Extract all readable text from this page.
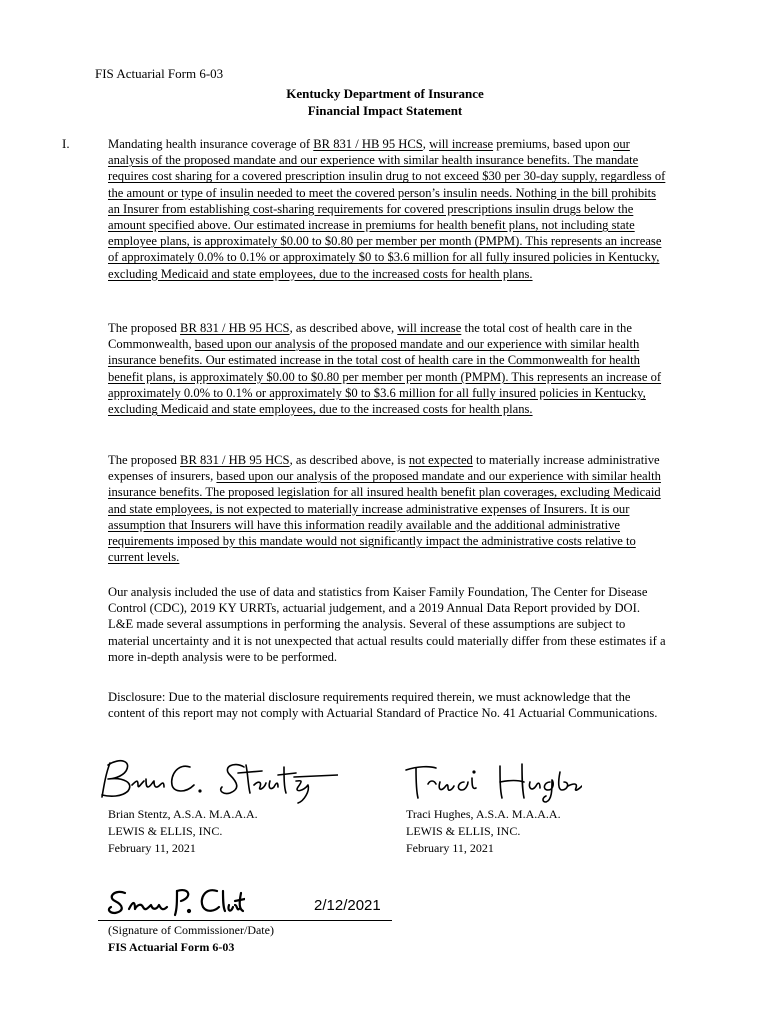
FIS Actuarial Form 6-03
Kentucky Department of Insurance
Financial Impact Statement
I.	Mandating health insurance coverage of BR 831 / HB 95 HCS, will increase premiums, based upon our analysis of the proposed mandate and our experience with similar health insurance benefits. The mandate requires cost sharing for a covered prescription insulin drug to not exceed $30 per 30-day supply, regardless of the amount or type of insulin needed to meet the covered person’s insulin needs. Nothing in the bill prohibits an Insurer from establishing cost-sharing requirements for covered prescriptions insulin drugs below the amount specified above. Our estimated increase in premiums for health benefit plans, not including state employee plans, is approximately $0.00 to $0.80 per member per month (PMPM). This represents an increase of approximately 0.0% to 0.1% or approximately $0 to $3.6 million for all fully insured policies in Kentucky, excluding Medicaid and state employees, due to the increased costs for health plans.

The proposed BR 831 / HB 95 HCS, as described above, will increase the total cost of health care in the Commonwealth, based upon our analysis of the proposed mandate and our experience with similar health insurance benefits. Our estimated increase in the total cost of health care in the Commonwealth for health benefit plans, is approximately $0.00 to $0.80 per member per month (PMPM). This represents an increase of approximately 0.0% to 0.1% or approximately $0 to $3.6 million for all fully insured policies in Kentucky, excluding Medicaid and state employees, due to the increased costs for health plans.

The proposed BR 831 / HB 95 HCS, as described above, is not expected to materially increase administrative expenses of insurers, based upon our analysis of the proposed mandate and our experience with similar health insurance benefits. The proposed legislation for all insured health benefit plan coverages, excluding Medicaid and state employees, is not expected to materially increase administrative expenses of Insurers. It is our assumption that Insurers will have this information readily available and the additional administrative requirements imposed by this mandate would not significantly impact the administrative costs relative to current levels.

Our analysis included the use of data and statistics from Kaiser Family Foundation, The Center for Disease Control (CDC), 2019 KY URRTs, actuarial judgement, and a 2019 Annual Data Report provided by DOI. L&E made several assumptions in performing the analysis. Several of these assumptions are subject to material uncertainty and it is not unexpected that actual results could materially differ from these estimates if a more in-depth analysis were to be performed.

Disclosure: Due to the material disclosure requirements required therein, we must acknowledge that the content of this report may not comply with Actuarial Standard of Practice No. 41 Actuarial Communications.

2/12/2021
Brian Stentz, A.S.A. M.A.A.A.
LEWIS & ELLIS, INC.
February 11, 2021
Traci Hughes, A.S.A. M.A.A.A.
LEWIS & ELLIS, INC.
February 11, 2021
(Signature of Commissioner/Date)
FIS Actuarial Form 6-03
